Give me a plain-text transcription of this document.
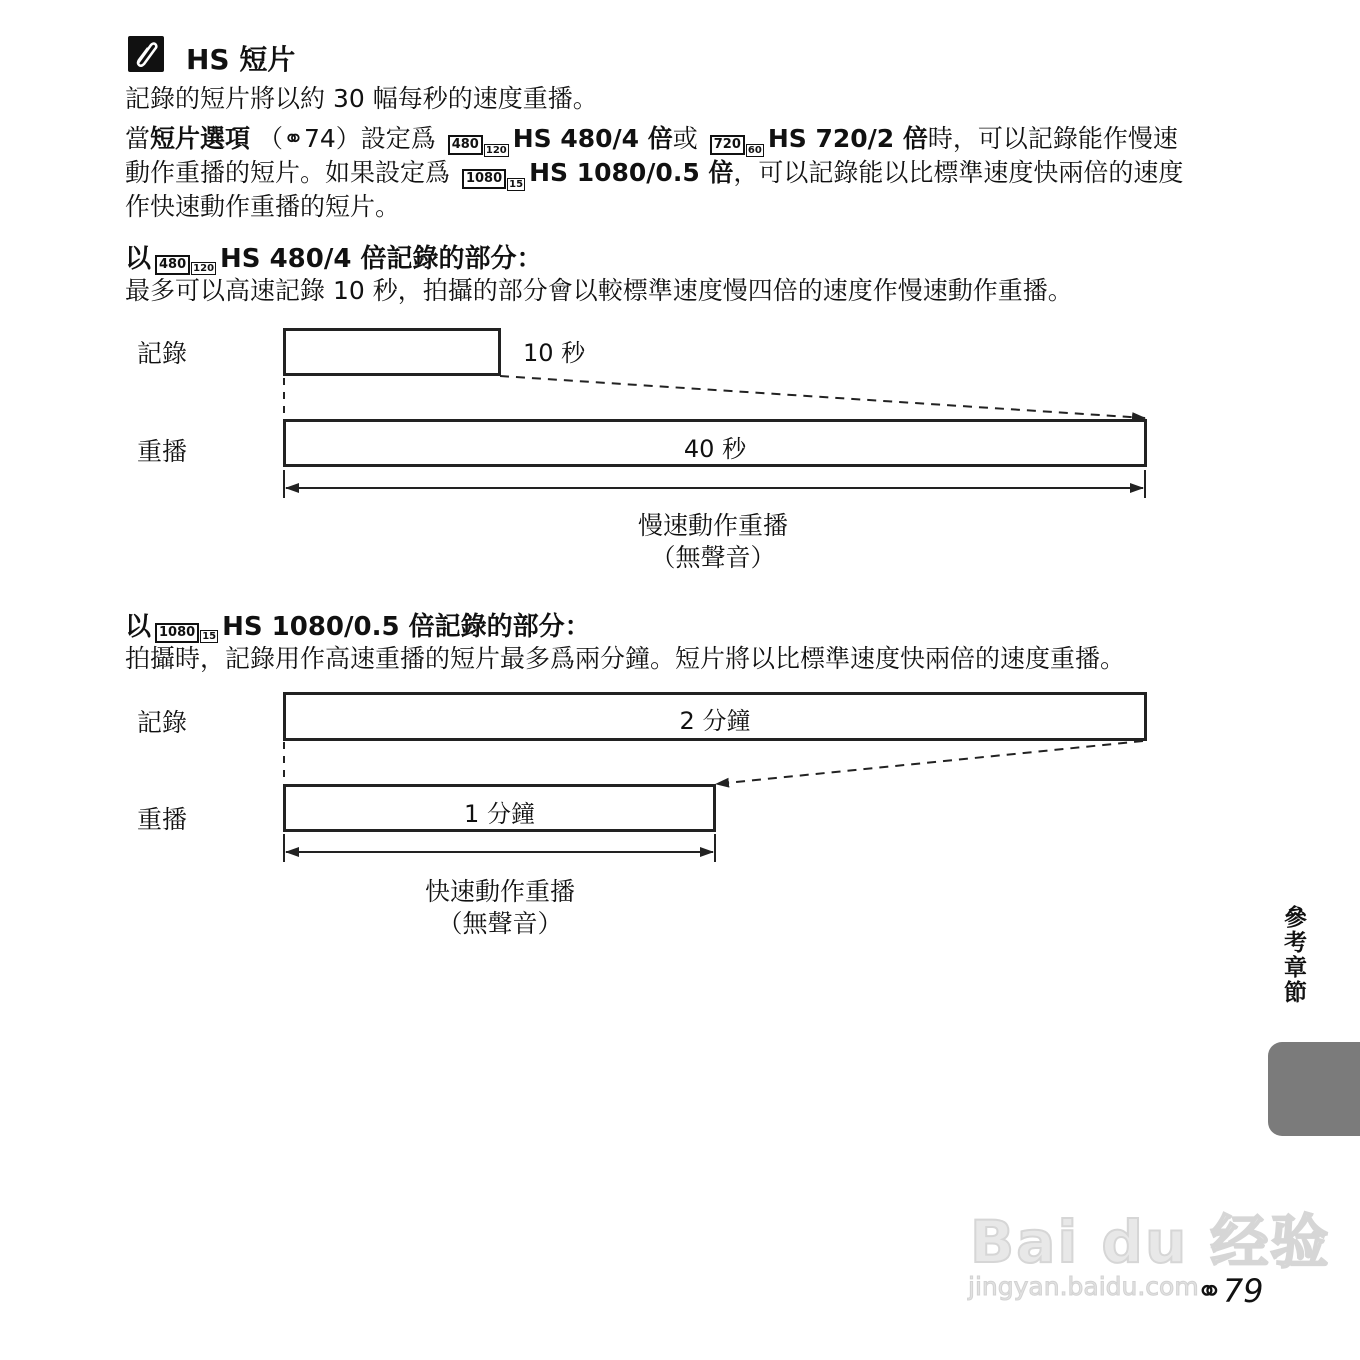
HS 短片
記錄的短片將以約 30 幅每秒的速度重播。
當短片選項 （⚭74）設定爲 480 120 HS 480/4 倍或 720 60 HS 720/2 倍時，可以記錄能作慢速
動作重播的短片。如果設定爲 1080 15 HS 1080/0.5 倍，可以記錄能以比標準速度快兩倍的速度
作快速動作重播的短片。
以 480 120 HS 480/4 倍記錄的部分：
最多可以高速記錄 10 秒，拍攝的部分會以較標準速度慢四倍的速度作慢速動作重播。
記錄
重播
10 秒
40 秒
慢速動作重播
（無聲音）
以 1080 15 HS 1080/0.5 倍記錄的部分：
拍攝時，記錄用作高速重播的短片最多爲兩分鐘。短片將以比標準速度快兩倍的速度重播。
記錄
重播
2 分鐘
1 分鐘
快速動作重播
（無聲音）	參考章節
Bai du 经验
jingyan.baidu.com
⚭79
